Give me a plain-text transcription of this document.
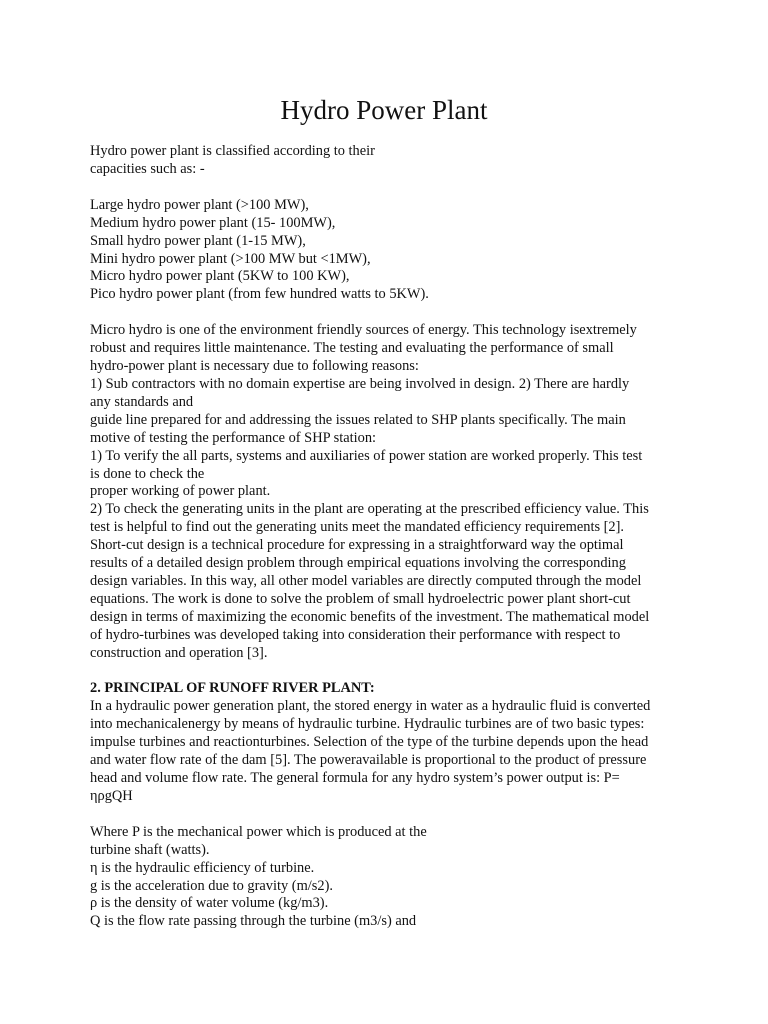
Hydro Power Plant

Hydro power plant is classified according to their

capacities such as: -

Large hydro power plant (>100 MW),

Medium hydro power plant (15- 100MW),

Small hydro power plant (1-15 MW),

Mini hydro power plant (>100 MW but <1MW),

Micro hydro power plant (5KW to 100 KW),

Pico hydro power plant (from few hundred watts to 5KW).

Micro hydro is one of the environment friendly sources of energy. This technology isextremely

robust and requires little maintenance. The testing and evaluating the performance of small

hydro-power plant is necessary due to following reasons:

1) Sub contractors with no domain expertise are being involved in design. 2) There are hardly

any standards and

guide line prepared for and addressing the issues related to SHP plants specifically. The main

motive of testing the performance of SHP station:

1) To verify the all parts, systems and auxiliaries of power station are worked properly. This test

is done to check the

proper working of power plant.

2) To check the generating units in the plant are operating at the prescribed efficiency value. This

test is helpful to find out the generating units meet the mandated efficiency requirements [2].

Short-cut design is a technical procedure for expressing in a straightforward way the optimal

results of a detailed design problem through empirical equations involving the corresponding

design variables. In this way, all other model variables are directly computed through the model

equations. The work is done to solve the problem of small hydroelectric power plant short-cut

design in terms of maximizing the economic benefits of the investment. The mathematical model

of hydro-turbines was developed taking into consideration their performance with respect to

construction and operation [3].

2. PRINCIPAL OF RUNOFF RIVER PLANT:

In a hydraulic power generation plant, the stored energy in water as a hydraulic fluid is converted

into mechanicalenergy by means of hydraulic turbine. Hydraulic turbines are of two basic types:

impulse turbines and reactionturbines. Selection of the type of the turbine depends upon the head

and water flow rate of the dam [5]. The poweravailable is proportional to the product of pressure

head and volume flow rate. The general formula for any hydro system’s power output is: P=

ηρgQH

Where P is the mechanical power which is produced at the

turbine shaft (watts).

η is the hydraulic efficiency of turbine.

g is the acceleration due to gravity (m/s2).

ρ is the density of water volume (kg/m3).

Q is the flow rate passing through the turbine (m3/s) and
